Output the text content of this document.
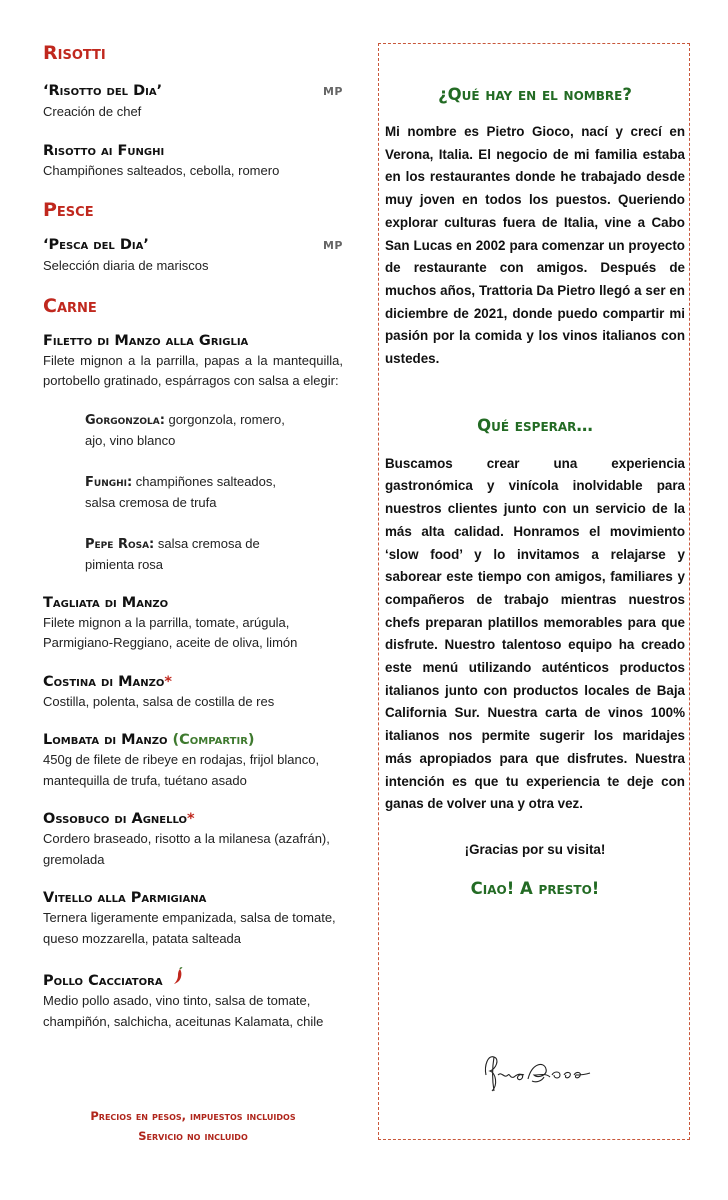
Risotti
‘Risotto del Dia’	MP
Creación de chef
Risotto ai Funghi
Champiñones salteados, cebolla, romero
Pesce
‘Pesca del Dia’	MP
Selección diaria de mariscos
Carne
Filetto di Manzo alla Griglia
Filete mignon a la parrilla, papas a la mantequilla, portobello gratinado, espárragos con salsa a elegir:
Gorgonzola: gorgonzola, romero, ajo, vino blanco
Funghi: champiñones salteados, salsa cremosa de trufa
Pepe Rosa: salsa cremosa de pimienta rosa
Tagliata di Manzo
Filete mignon a la parrilla, tomate, arúgula, Parmigiano-Reggiano, aceite de oliva, limón
Costina di Manzo *
Costilla, polenta, salsa de costilla de res
Lombata di Manzo
(Compartir)
450g de filete de ribeye en rodajas, frijol blanco, mantequilla de trufa, tuétano asado
Ossobuco di Agnello *
Cordero braseado, risotto a la milanesa (azafrán), gremolada
Vitello alla Parmigiana
Ternera ligeramente empanizada, salsa de tomate, queso mozzarella, patata salteada
Pollo Cacciatora
Medio pollo asado, vino tinto, salsa de tomate, champiñón, salchicha, aceitunas Kalamata, chile
Precios en pesos, impuestos incluidos
Servicio no incluido
¿Qué hay en el nombre?
Mi nombre es Pietro Gioco, nací y crecí en Verona, Italia. El negocio de mi familia estaba en los restaurantes donde he trabajado desde muy joven en todos los puestos. Queriendo explorar culturas fuera de Italia, vine a Cabo San Lucas en 2002 para comenzar un proyecto de restaurante con amigos. Después de muchos años, Trattoria Da Pietro llegó a ser en diciembre de 2021, donde puedo compartir mi pasión por la comida y los vinos italianos con ustedes.
Qué esperar…
Buscamos crear una experiencia gastronómica y vinícola inolvidable para nuestros clientes junto con un servicio de la más alta calidad. Honramos el movimiento ‘slow food’ y lo invitamos a relajarse y saborear este tiempo con amigos, familiares y compañeros de trabajo mientras nuestros chefs preparan platillos memorables para que disfrute. Nuestro talentoso equipo ha creado este menú utilizando auténticos productos italianos junto con productos locales de Baja California Sur. Nuestra carta de vinos 100% italianos nos permite sugerir los maridajes más apropiados para que disfrutes. Nuestra intención es que tu experiencia te deje con ganas de volver una y otra vez.
¡Gracias por su visita!
Ciao! A presto!
